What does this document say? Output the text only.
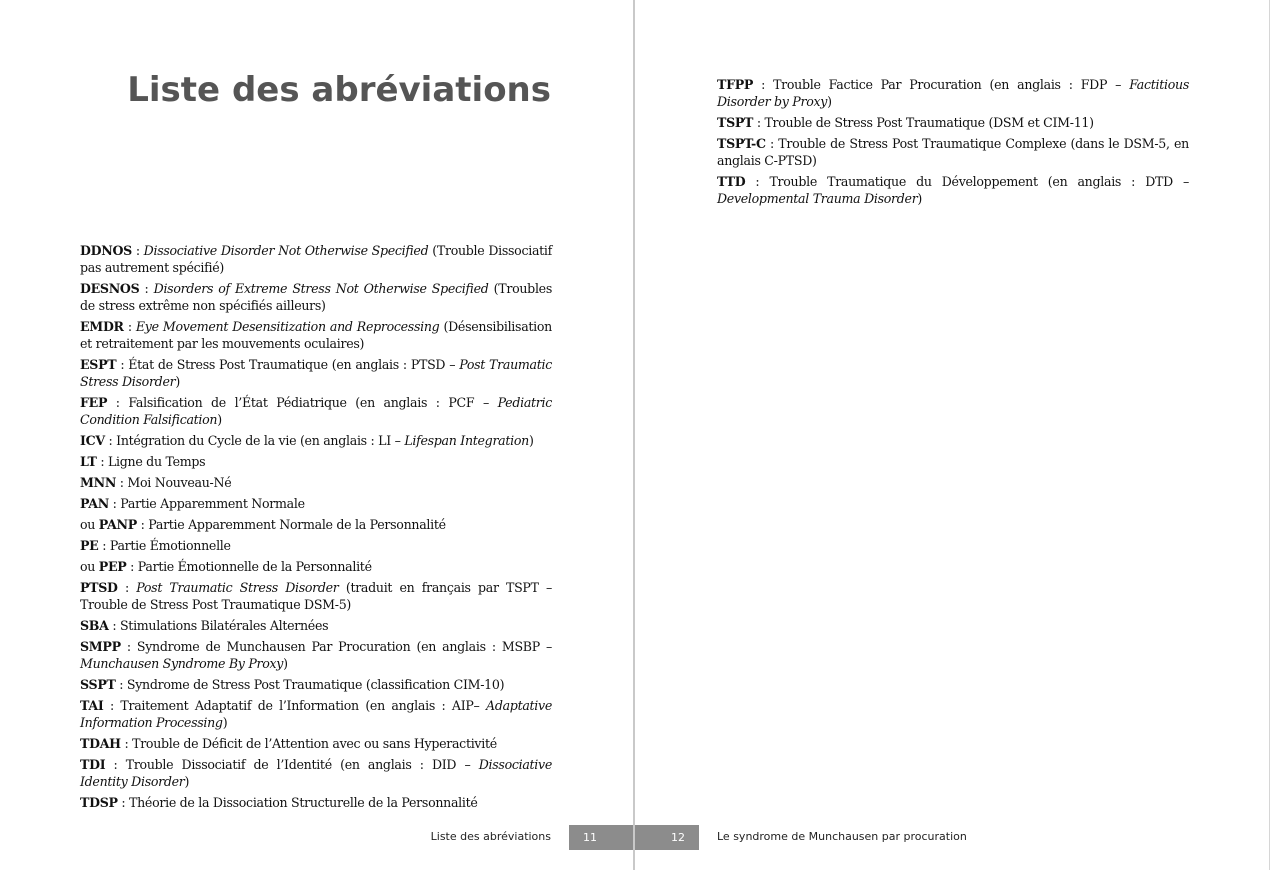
Liste des abréviations

DDNOS : Dissociative Disorder Not Otherwise Specified (Trouble Dissociatif pas autrement spécifié)

DESNOS : Disorders of Extreme Stress Not Otherwise Specified (Troubles de stress extrême non spécifiés ailleurs)

EMDR : Eye Movement Desensitization and Reprocessing (Désensibilisation et retraitement par les mouvements oculaires)

ESPT : État de Stress Post Traumatique (en anglais : PTSD – Post Traumatic Stress Disorder)

FEP : Falsification de l’État Pédiatrique (en anglais : PCF – Pediatric Condition Falsification)

ICV : Intégration du Cycle de la vie (en anglais : LI – Lifespan Integration)

LT : Ligne du Temps

MNN : Moi Nouveau-Né

PAN : Partie Apparemment Normale

ou PANP : Partie Apparemment Normale de la Personnalité

PE : Partie Émotionnelle

ou PEP : Partie Émotionnelle de la Personnalité

PTSD : Post Traumatic Stress Disorder (traduit en français par TSPT – Trouble de Stress Post Traumatique DSM-5)

SBA : Stimulations Bilatérales Alternées

SMPP : Syndrome de Munchausen Par Procuration (en anglais : MSBP – Munchausen Syndrome By Proxy)

SSPT : Syndrome de Stress Post Traumatique (classification CIM-10)

TAI : Traitement Adaptatif de l’Information (en anglais : AIP– Adaptative Information Processing)

TDAH : Trouble de Déficit de l’Attention avec ou sans Hyperactivité

TDI : Trouble Dissociatif de l’Identité (en anglais : DID – Dissociative Identity Disorder)

TDSP : Théorie de la Dissociation Structurelle de la Personnalité

Liste des abréviations	11

TFPP : Trouble Factice Par Procuration (en anglais : FDP – Factitious Disorder by Proxy)

TSPT : Trouble de Stress Post Traumatique (DSM et CIM-11)

TSPT-C : Trouble de Stress Post Traumatique Complexe (dans le DSM-5, en anglais C-PTSD)

TTD : Trouble Traumatique du Développement (en anglais : DTD – Developmental Trauma Disorder)

Le syndrome de Munchausen par procuration
12
